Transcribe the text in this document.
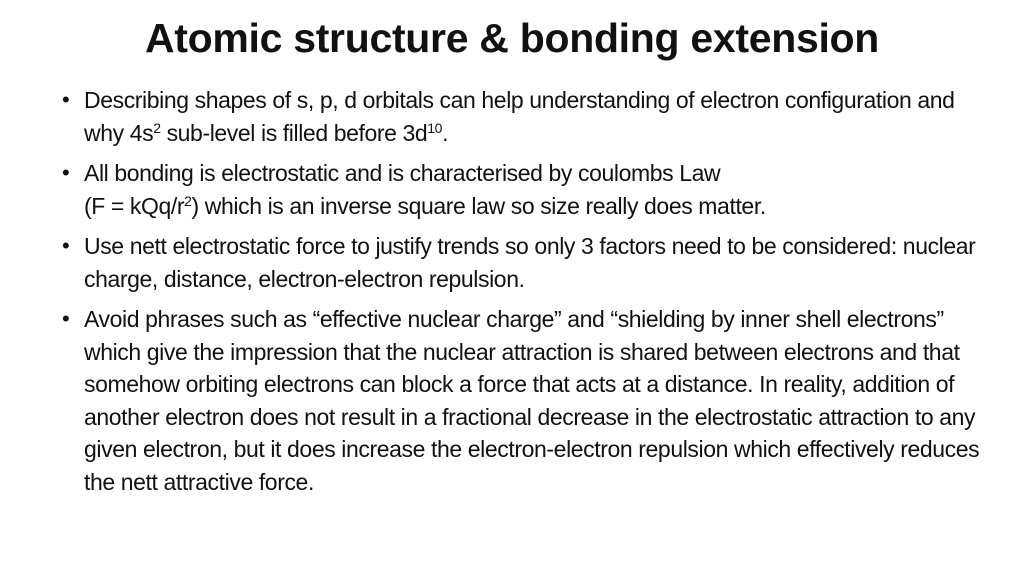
Atomic structure & bonding extension
• Describing shapes of s, p, d orbitals can help understanding of electron configuration and why $4s^2$ sub-level is filled before $3d^{10}$.
• All bonding is electrostatic and is characterised by coulombs Law
(F = kQq/$r^2$) which is an inverse square law so size really does matter.
• Use nett electrostatic force to justify trends so only 3 factors need to be considered: nuclear charge, distance, electron-electron repulsion.
• Avoid phrases such as “effective nuclear charge” and “shielding by inner shell electrons” which give the impression that the nuclear attraction is shared between electrons and that somehow orbiting electrons can block a force that acts at a distance. In reality, addition of another electron does not result in a fractional decrease in the electrostatic attraction to any given electron, but it does increase the electron-electron repulsion which effectively reduces the nett attractive force.
